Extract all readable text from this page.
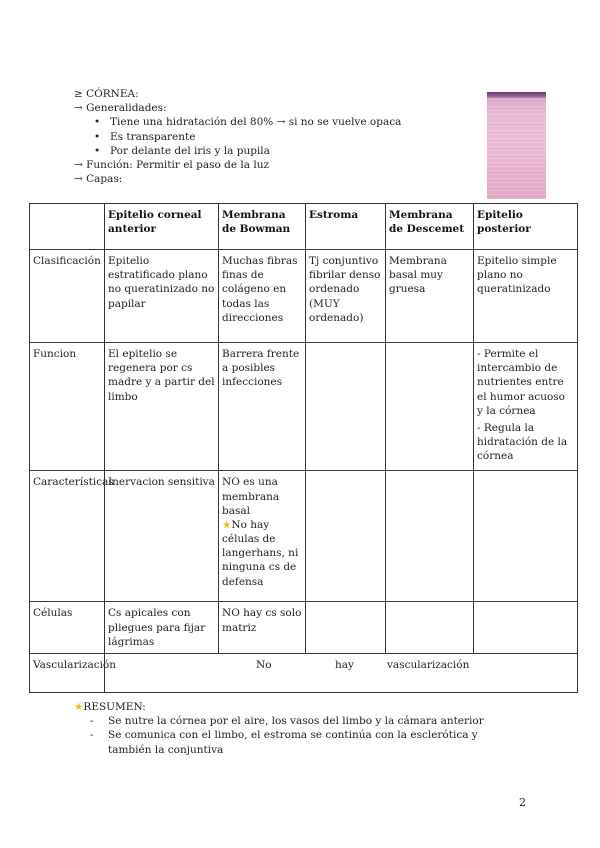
≥ CÓRNEA:
→ Generalidades:
• Tiene una hidratación del 80% → si no se vuelve opaca
• Es transparente
• Por delante del iris y la pupila
→ Función: Permitir el paso de la luz
→ Capas:
	Epitelio corneal anterior	Membrana de Bowman	Estroma	Membrana de Descemet	Epitelio posterior
Clasificación	Epitelio estratificado plano no queratinizado no papilar	Muchas fibras finas de colágeno en todas las direcciones	Tj conjuntivo fibrilar denso ordenado (MUY ordenado)	Membrana basal muy gruesa	Epitelio simple plano no queratinizado
Funcion	El epitelio se regenera por cs madre y a partir del limbo	Barrera frente a posibles infecciones			- Permite el intercambio de nutrientes entre el humor acuoso y la córnea

- Regula la hidratación de la córnea

Características	Inervacion sensitiva	NO es una membrana basal

★No hay células de langerhans, ni ninguna cs de defensa			

Células	Cs apicales con pliegues para fijar lágrimas	NO hay cs solo matriz			
Vascularización	No hay vascularización				
★RESUMEN:
- Se nutre la córnea por el aire, los vasos del limbo y la cámara anterior
- Se comunica con el limbo, el estroma se continúa con la esclerótica y también la conjuntiva
2
